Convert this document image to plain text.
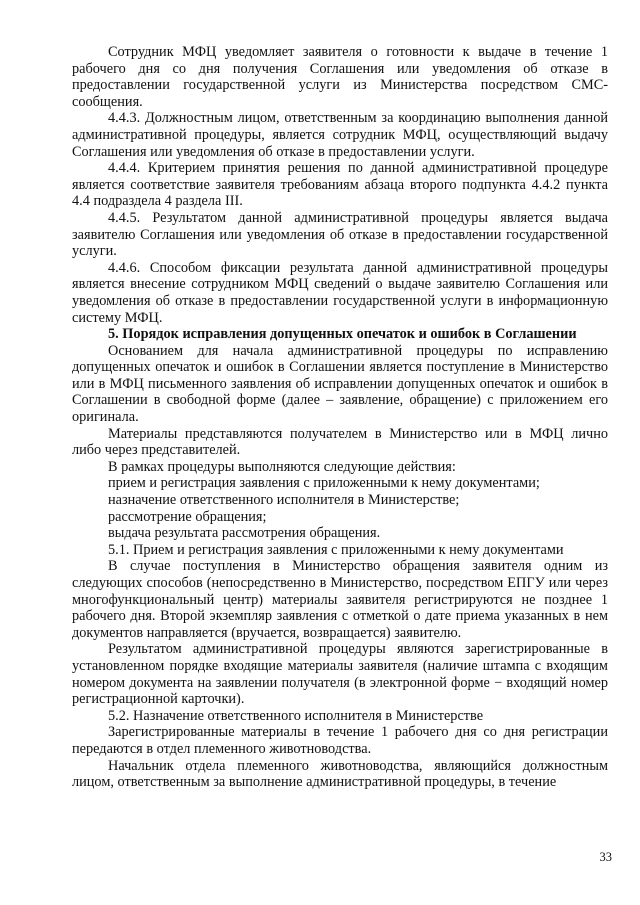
Сотрудник МФЦ уведомляет заявителя о готовности к выдаче в течение 1 рабочего дня со дня получения Соглашения или уведомления об отказе в предоставлении государственной услуги из Министерства посредством СМС-сообщения.

4.4.3. Должностным лицом, ответственным за координацию выполнения данной административной процедуры, является сотрудник МФЦ, осуществляющий выдачу Соглашения или уведомления об отказе в предоставлении услуги.

4.4.4. Критерием принятия решения по данной административной процедуре является соответствие заявителя требованиям абзаца второго подпункта 4.4.2 пункта 4.4 подраздела 4 раздела III.

4.4.5. Результатом данной административной процедуры является выдача заявителю Соглашения или уведомления об отказе в предоставлении государственной услуги.

4.4.6. Способом фиксации результата данной административной процедуры является внесение сотрудником МФЦ сведений о выдаче заявителю Соглашения или уведомления об отказе в предоставлении государственной услуги в информационную систему МФЦ.

5. Порядок исправления допущенных опечаток и ошибок в Соглашении

Основанием для начала административной процедуры по исправлению допущенных опечаток и ошибок в Соглашении является поступление в Министерство или в МФЦ письменного заявления об исправлении допущенных опечаток и ошибок в Соглашении в свободной форме (далее – заявление, обращение) с приложением его оригинала.

Материалы представляются получателем в Министерство или в МФЦ лично либо через представителей.

В рамках процедуры выполняются следующие действия:

прием и регистрация заявления с приложенными к нему документами;

назначение ответственного исполнителя в Министерстве;

рассмотрение обращения;

выдача результата рассмотрения обращения.

5.1. Прием и регистрация заявления с приложенными к нему документами

В случае поступления в Министерство обращения заявителя одним из следующих способов (непосредственно в Министерство, посредством ЕПГУ или через многофункциональный центр) материалы заявителя регистрируются не позднее 1 рабочего дня. Второй экземпляр заявления с отметкой о дате приема указанных в нем документов направляется (вручается, возвращается) заявителю.

Результатом административной процедуры являются зарегистрированные в установленном порядке входящие материалы заявителя (наличие штампа с входящим номером документа на заявлении получателя (в электронной форме − входящий номер регистрационной карточки).

5.2. Назначение ответственного исполнителя в Министерстве

Зарегистрированные материалы в течение 1 рабочего дня со дня регистрации передаются в отдел племенного животноводства.

Начальник отдела племенного животноводства, являющийся должностным лицом, ответственным за выполнение административной процедуры, в течение

33
